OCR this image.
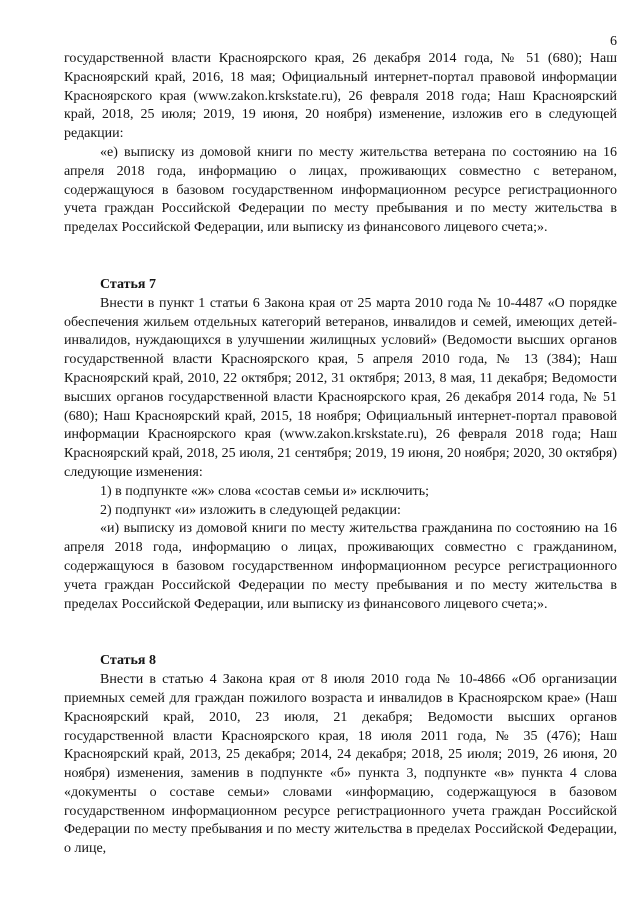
6

государственной власти Красноярского края, 26 декабря 2014 года, № 51 (680); Наш Красноярский край, 2016, 18 мая; Официальный интернет-портал правовой информации Красноярского края (www.zakon.krskstate.ru), 26 февраля 2018 года; Наш Красноярский край, 2018, 25 июля; 2019, 19 июня, 20 ноября) изменение, изложив его в следующей редакции:

«е) выписку из домовой книги по месту жительства ветерана по состоянию на 16 апреля 2018 года, информацию о лицах, проживающих совместно с ветераном, содержащуюся в базовом государственном информационном ресурсе регистрационного учета граждан Российской Федерации по месту пребывания и по месту жительства в пределах Российской Федерации, или выписку из финансового лицевого счета;».

Статья 7

Внести в пункт 1 статьи 6 Закона края от 25 марта 2010 года № 10-4487 «О порядке обеспечения жильем отдельных категорий ветеранов, инвалидов и семей, имеющих детей-инвалидов, нуждающихся в улучшении жилищных условий» (Ведомости высших органов государственной власти Красноярского края, 5 апреля 2010 года, № 13 (384); Наш Красноярский край, 2010, 22 октября; 2012, 31 октября; 2013, 8 мая, 11 декабря; Ведомости высших органов государственной власти Красноярского края, 26 декабря 2014 года, № 51 (680); Наш Красноярский край, 2015, 18 ноября; Официальный интернет-портал правовой информации Красноярского края (www.zakon.krskstate.ru), 26 февраля 2018 года; Наш Красноярский край, 2018, 25 июля, 21 сентября; 2019, 19 июня, 20 ноября; 2020, 30 октября) следующие изменения:

1) в подпункте «ж» слова «состав семьи и» исключить;

2) подпункт «и» изложить в следующей редакции:

«и) выписку из домовой книги по месту жительства гражданина по состоянию на 16 апреля 2018 года, информацию о лицах, проживающих совместно с гражданином, содержащуюся в базовом государственном информационном ресурсе регистрационного учета граждан Российской Федерации по месту пребывания и по месту жительства в пределах Российской Федерации, или выписку из финансового лицевого счета;».

Статья 8

Внести в статью 4 Закона края от 8 июля 2010 года № 10-4866 «Об организации приемных семей для граждан пожилого возраста и инвалидов в Красноярском крае» (Наш Красноярский край, 2010, 23 июля, 21 декабря; Ведомости высших органов государственной власти Красноярского края, 18 июля 2011 года, № 35 (476); Наш Красноярский край, 2013, 25 декабря; 2014, 24 декабря; 2018, 25 июля; 2019, 26 июня, 20 ноября) изменения, заменив в подпункте «б» пункта 3, подпункте «в» пункта 4 слова «документы о составе семьи» словами «информацию, содержащуюся в базовом государственном информационном ресурсе регистрационного учета граждан Российской Федерации по месту пребывания и по месту жительства в пределах Российской Федерации, о лице,
